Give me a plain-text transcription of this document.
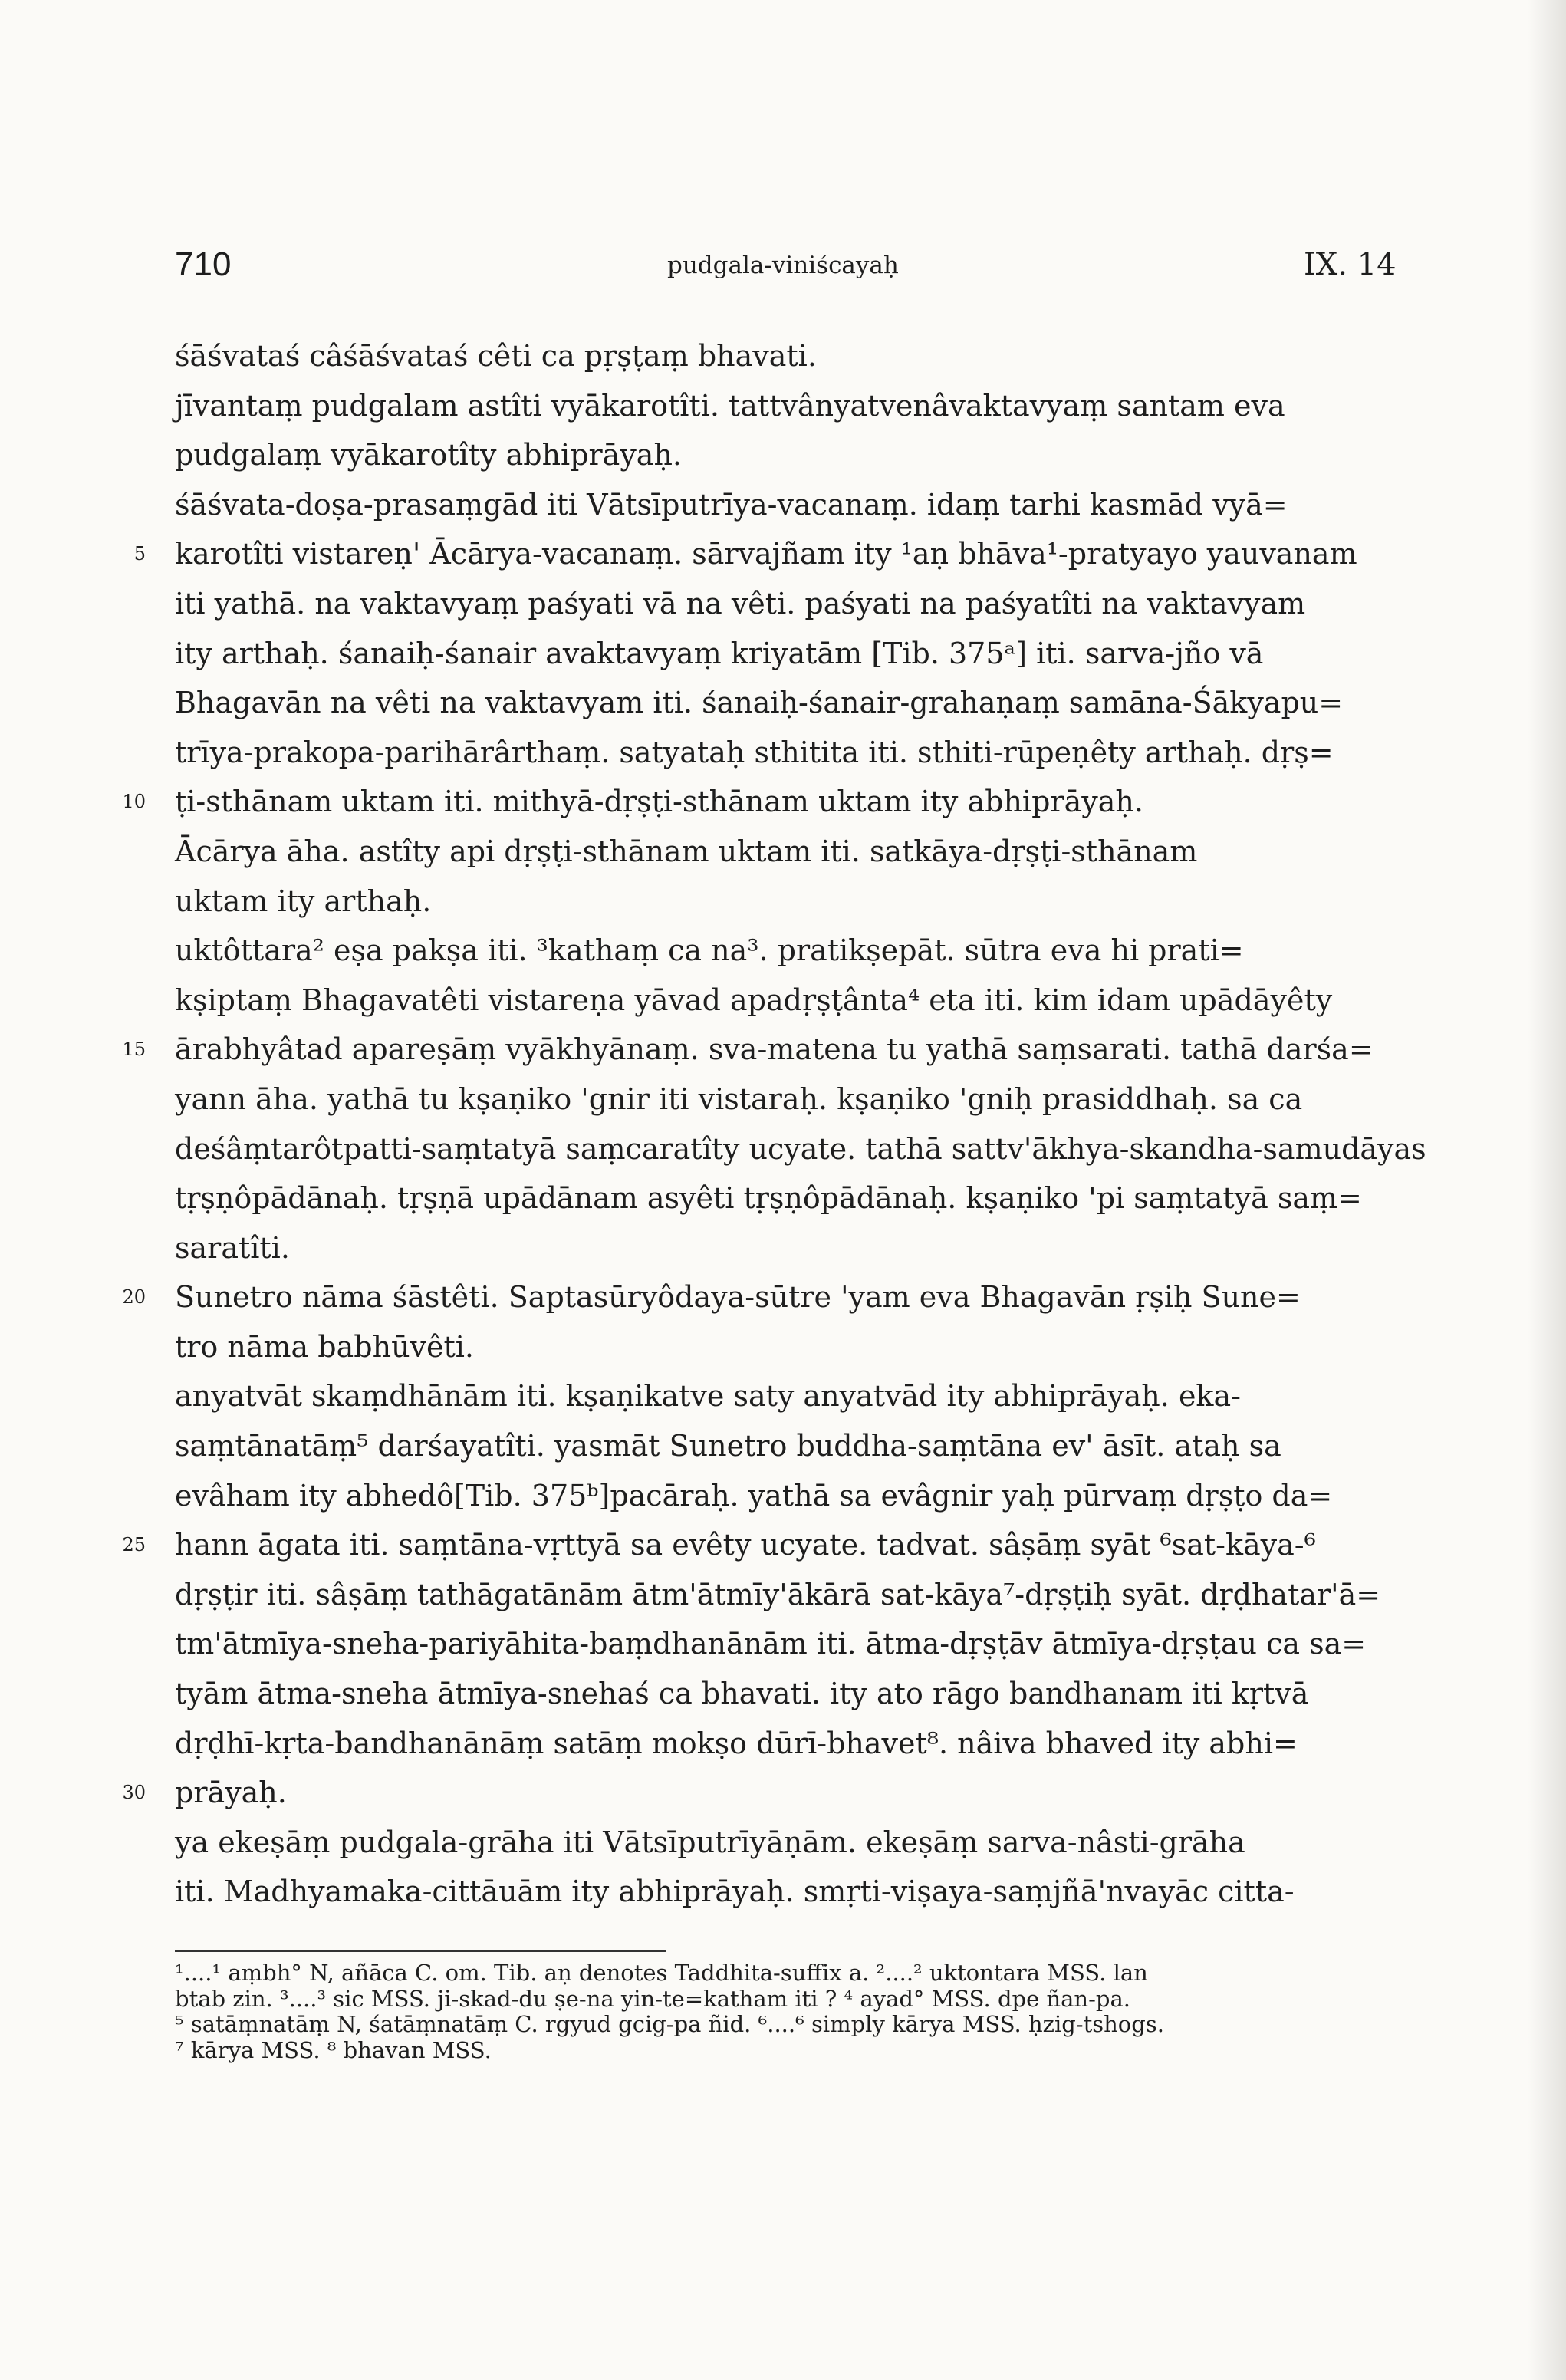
710	pudgala-viniścayaḥ	IX. 14
śāśvataś câśāśvataś cêti ca pṛṣṭaṃ bhavati.
jīvantaṃ pudgalam astîti vyākarotîti. tattvânyatvenâvaktavyaṃ santam eva
pudgalaṃ vyākarotîty abhiprāyaḥ.
śāśvata-doṣa-prasaṃgād iti Vātsīputrīya-vacanaṃ. idaṃ tarhi kasmād vyā=
5 karotîti vistareṇ' Ācārya-vacanaṃ. sārvajñam ity ¹aṇ bhāva¹-pratyayo yauvanam
iti yathā. na vaktavyaṃ paśyati vā na vêti. paśyati na paśyatîti na vaktavyam
ity arthaḥ. śanaiḥ-śanair avaktavyaṃ kriyatām [Tib. 375ᵃ] iti. sarva-jño vā
Bhagavān na vêti na vaktavyam iti. śanaiḥ-śanair-grahaṇaṃ samāna-Śākyapu=
trīya-prakopa-parihārârthaṃ. satyataḥ sthitita iti. sthiti-rūpeṇêty arthaḥ. dṛṣ=
10 ṭi-sthānam uktam iti. mithyā-dṛṣṭi-sthānam uktam ity abhiprāyaḥ.
Ācārya āha. astîty api dṛṣṭi-sthānam uktam iti. satkāya-dṛṣṭi-sthānam
uktam ity arthaḥ.
uktôttara² eṣa pakṣa iti. ³kathaṃ ca na³. pratikṣepāt. sūtra eva hi prati=
kṣiptaṃ Bhagavatêti vistareṇa yāvad apadṛṣṭânta⁴ eta iti. kim idam upādāyêty
15 ārabhyâtad apareṣāṃ vyākhyānaṃ. sva-matena tu yathā saṃsarati. tathā darśa=
yann āha. yathā tu kṣaṇiko 'gnir iti vistaraḥ. kṣaṇiko 'gniḥ prasiddhaḥ. sa ca
deśâṃtarôtpatti-saṃtatyā saṃcaratîty ucyate. tathā sattv'ākhya-skandha-samudāyas
tṛṣṇôpādānaḥ. tṛṣṇā upādānam asyêti tṛṣṇôpādānaḥ. kṣaṇiko 'pi saṃtatyā saṃ=
saratîti.
20 Sunetro nāma śāstêti. Saptasūryôdaya-sūtre 'yam eva Bhagavān ṛṣiḥ Sune=
tro nāma babhūvêti.
anyatvāt skaṃdhānām iti. kṣaṇikatve saty anyatvād ity abhiprāyaḥ. eka-
saṃtānatāṃ⁵ darśayatîti. yasmāt Sunetro buddha-saṃtāna ev' āsīt. ataḥ sa
evâham ity abhedô[Tib. 375ᵇ]pacāraḥ. yathā sa evâgnir yaḥ pūrvaṃ dṛṣṭo da=
25 hann āgata iti. saṃtāna-vṛttyā sa evêty ucyate. tadvat. sâṣāṃ syāt ⁶sat-kāya-⁶
dṛṣṭir iti. sâṣāṃ tathāgatānām ātm'ātmīy'ākārā sat-kāya⁷-dṛṣṭiḥ syāt. dṛḍhatar'ā=
tm'ātmīya-sneha-pariyāhita-baṃdhanānām iti. ātma-dṛṣṭāv ātmīya-dṛṣṭau ca sa=
tyām ātma-sneha ātmīya-snehaś ca bhavati. ity ato rāgo bandhanam iti kṛtvā
dṛḍhī-kṛta-bandhanānāṃ satāṃ mokṣo dūrī-bhavet⁸. nâiva bhaved ity abhi=
30 prāyaḥ.
ya ekeṣāṃ pudgala-grāha iti Vātsīputrīyāṇām. ekeṣāṃ sarva-nâsti-grāha
iti. Madhyamaka-cittāuām ity abhiprāyaḥ. smṛti-viṣaya-saṃjñā'nvayāc citta-
¹....¹ aṃbh° N, añāca C. om. Tib. aṇ denotes Taddhita-suffix a. ²....² uktontara MSS. lan
btab zin. ³....³ sic MSS. ji-skad-du ṣe-na yin-te=katham iti ? ⁴ ayad° MSS. dpe ñan-pa.
⁵ satāṃnatāṃ N, śatāṃnatāṃ C. rgyud gcig-pa ñid. ⁶....⁶ simply kārya MSS. ḥzig-tshogs.
⁷ kārya MSS. ⁸ bhavan MSS.
